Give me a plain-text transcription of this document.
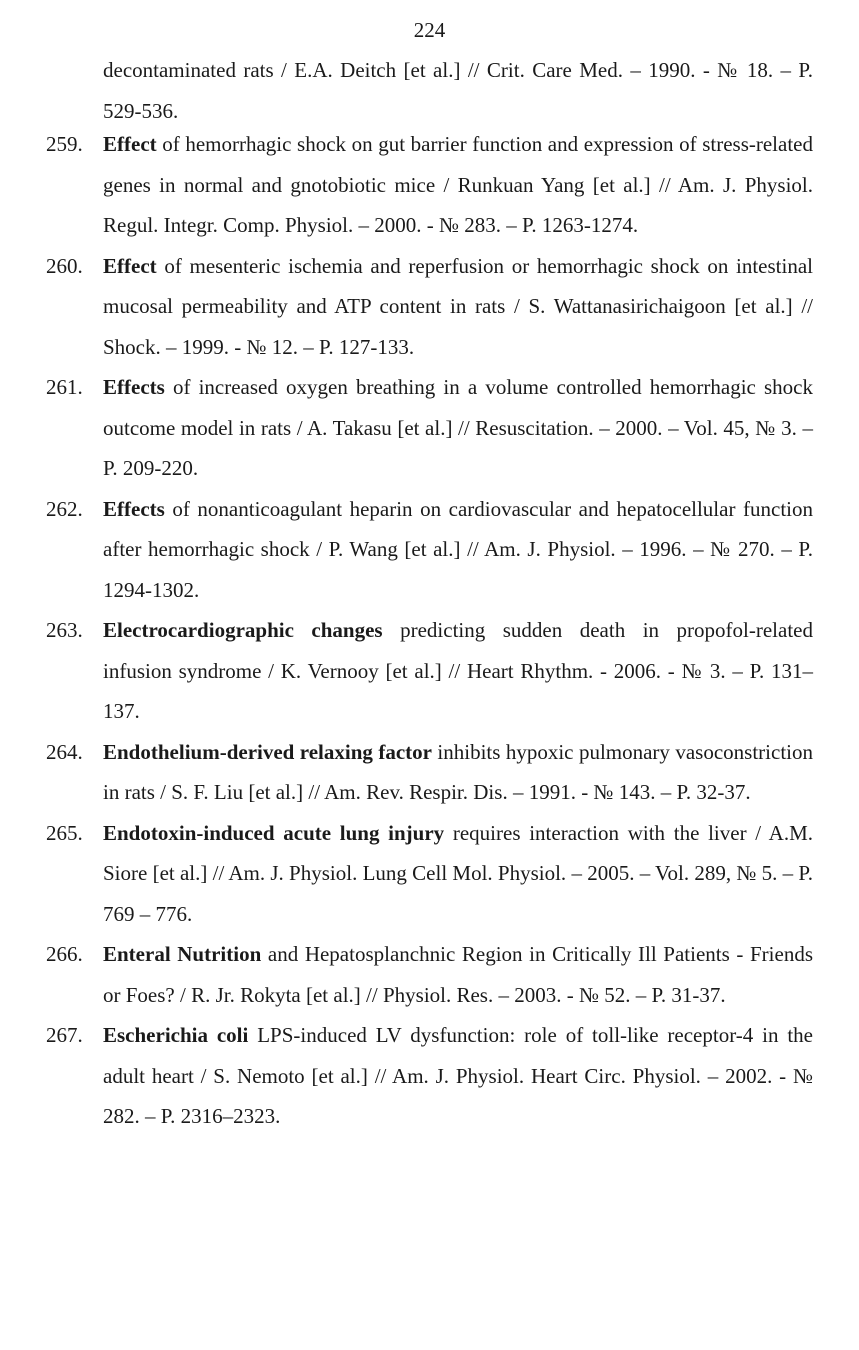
224
decontaminated rats / E.A. Deitch [et al.] // Crit. Care Med. – 1990. - № 18. – P. 529-536.
259. Effect of hemorrhagic shock on gut barrier function and expression of stress-related genes in normal and gnotobiotic mice / Runkuan Yang [et al.] // Am. J. Physiol. Regul. Integr. Comp. Physiol. – 2000. - № 283. – P. 1263-1274.
260. Effect of mesenteric ischemia and reperfusion or hemorrhagic shock on intestinal mucosal permeability and ATP content in rats / S. Wattanasirichaigoon [et al.] // Shock. – 1999. - № 12. – P. 127-133.
261. Effects of increased oxygen breathing in a volume controlled hemorrhagic shock outcome model in rats / A. Takasu [et al.] // Resuscitation. – 2000. – Vol. 45, № 3. – P. 209-220.
262. Effects of nonanticoagulant heparin on cardiovascular and hepatocellular function after hemorrhagic shock / P. Wang [et al.] // Am. J. Physiol. – 1996. – № 270. – P. 1294-1302.
263. Electrocardiographic changes predicting sudden death in propofol-related infusion syndrome / K. Vernooy [et al.] // Heart Rhythm. - 2006. - № 3. – P. 131–137.
264. Endothelium-derived relaxing factor inhibits hypoxic pulmonary vasoconstriction in rats / S. F. Liu [et al.] // Am. Rev. Respir. Dis. – 1991. - № 143. – P. 32-37.
265. Endotoxin-induced acute lung injury requires interaction with the liver / A.M. Siore [et al.] // Am. J. Physiol. Lung Cell Mol. Physiol. – 2005. – Vol. 289, № 5. – P. 769 – 776.
266. Enteral Nutrition and Hepatosplanchnic Region in Critically Ill Patients - Friends or Foes? / R. Jr. Rokyta [et al.] // Physiol. Res. – 2003. - № 52. – P. 31-37.
267. Escherichia coli LPS-induced LV dysfunction: role of toll-like receptor-4 in the adult heart / S. Nemoto [et al.] // Am. J. Physiol. Heart Circ. Physiol. – 2002. - № 282. – P. 2316–2323.
